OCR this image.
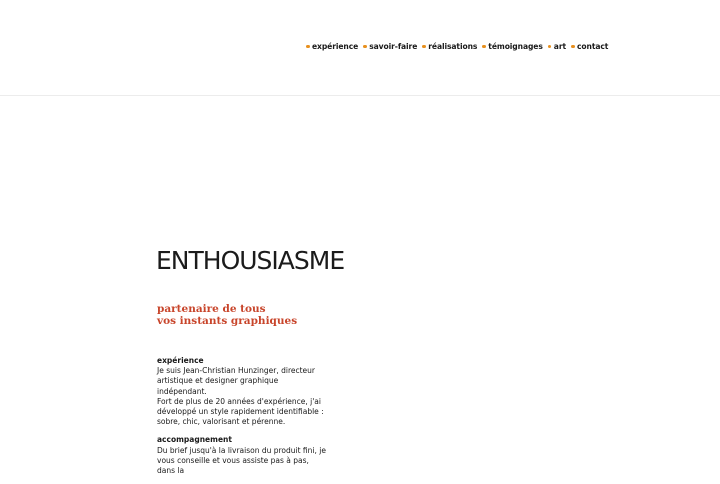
expérience savoir-faire réalisations témoignages art contact
ENTHOUSIASME
partenaire de tous
vos instants graphiques

expérience

Je suis Jean-Christian Hunzinger, directeur
artistique et designer graphique indépendant.
Fort de plus de 20 années d'expérience, j'ai
développé un style rapidement identifiable :
sobre, chic, valorisant et pérenne.

accompagnement

Du brief jusqu'à la livraison du produit fini, je
vous conseille et vous assiste pas à pas, dans la
